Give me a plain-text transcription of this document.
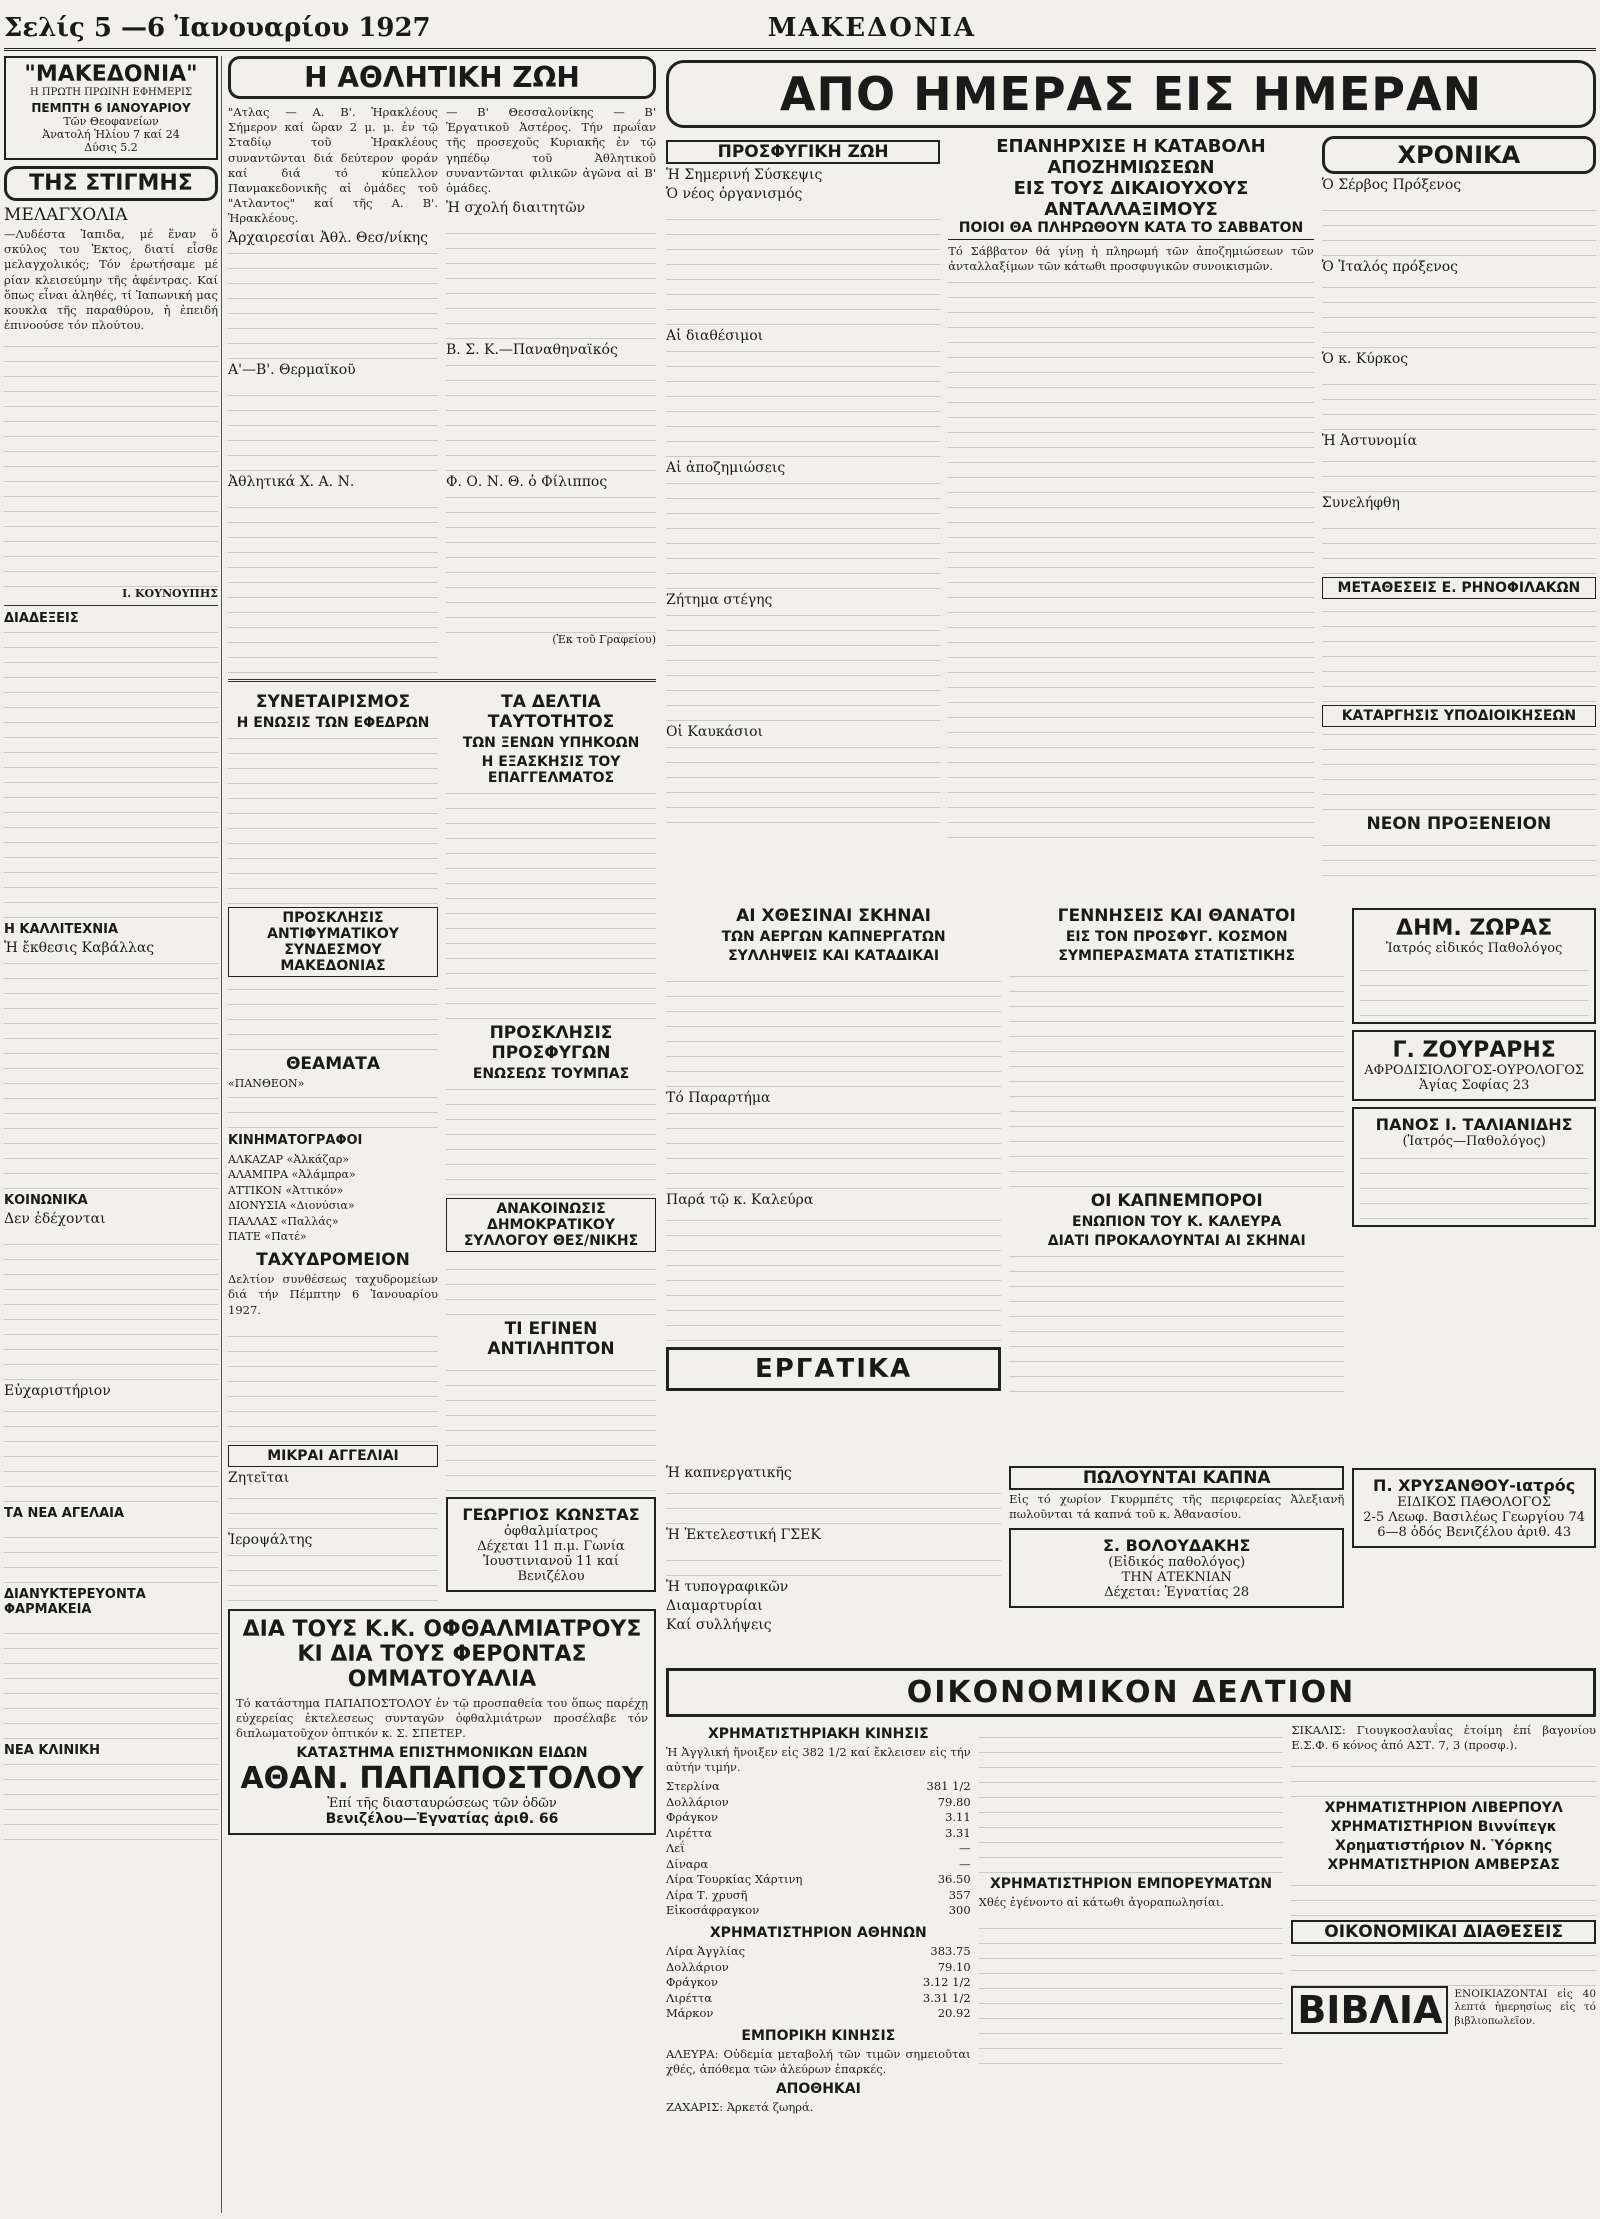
Σελίς 5 —6 Ἰανουαρίου 1927	ΜΑΚΕΔΟΝΙΑ
"ΜΑΚΕΔΟΝΙΑ"
Η ΠΡΩΤΗ ΠΡΩΙΝΗ ΕΦΗΜΕΡΙΣ
ΠΕΜΠΤΗ 6 ΙΑΝΟΥΑΡΙΟΥ
Τῶν Θεοφανείων
Ἀνατολή Ἡλίου 7 καί 24
Δύσις 5.2
ΤΗΣ ΣΤΙΓΜΗΣ
ΜΕΛΑΓΧΟΛΙΑ

—Λυδέστα Ἰαπιδα, μέ ἕναν ὅ σκύλος του Ἐκτος, διατί εἶσθε μελαγχολικός; Τόν ἐρωτήσαμε μέ ρίαν κλεισεύμην τῆς ἀφέντρας. Καί ὅπως εἶναι ἀληθές, τί Ἰαπωνική μας κουκλα τῆς παραθύρου, ἡ ἐπειδή ἐπινοούσε τόν πλούτου.

Ι. ΚΟΥΝΟΥΠΗΣ
ΔΙΑΔΕΞΕΙΣ
Η ΚΑΛΛΙΤΕΧΝΙΑ
Ἡ ἔκθεσις Καβάλλας
ΚΟΙΝΩΝΙΚΑ
Δεν ἐδέχονται
Εὐχαριστήριον
ΤΑ ΝΕΑ ΑΓΕΛΑΙΑ
ΔΙΑΝΥΚΤΕΡΕΥΟΝΤΑ ΦΑΡΜΑΚΕΙΑ
ΝΕΑ ΚΛΙΝΙΚΗ
Η ΑΘΛΗΤΙΚΗ ΖΩΗ

"Ατλας — Α. Β'. Ἡρακλέους Σήμερον καί ὥραν 2 μ. μ. ἐν τῷ Σταδίῳ τοῦ Ἡρακλέους συναντῶνται διά δεύτερον φοράν καί διά τό κύπελλον Πανμακεδονικῆς αἱ ὁμάδες τοῦ "Ατλαντος" καί τῆς Α. Β'. Ἡρακλέους.

Ἀρχαιρεσίαι Ἀθλ. Θεσ/νίκης
Α'—Β'. Θερμαϊκοῦ
Ἀθλητικά Χ. Α. Ν.

— Β' Θεσσαλονίκης — Β' Ἐργατικοῦ Ἀστέρος. Τήν πρωΐαν τῆς προσεχοῦς Κυριακῆς ἐν τῷ γηπέδῳ τοῦ Ἀθλητικοῦ συναντῶνται φιλικῶν ἀγῶνα αἱ Β' ὁμάδες.

Ἡ σχολή διαιτητῶν
Β. Σ. Κ.—Παναθηναϊκός
Φ. Ο. Ν. Θ. ὁ Φίλιππος
(Ἐκ τοῦ Γραφείου)
ΣΥΝΕΤΑΙΡΙΣΜΟΣ
Η ΕΝΩΣΙΣ ΤΩΝ ΕΦΕΔΡΩΝ
ΠΡΟΣΚΛΗΣΙΣ ΑΝΤΙΦΥΜΑΤΙΚΟΥ ΣΥΝΔΕΣΜΟΥ ΜΑΚΕΔΟΝΙΑΣ
ΘΕΑΜΑΤΑ
«ΠΑΝΘΕΟΝ»
ΚΙΝΗΜΑΤΟΓΡΑΦΟΙ
ΑΛΚΑΖΑΡ «Ἀλκάζαρ»
ΑΛΑΜΠΡΑ «Ἀλάμπρα»
ΑΤΤΙΚΟΝ «Ἀττικόν»
ΔΙΟΝΥΣΙΑ «Διονύσια»
ΠΑΛΛΑΣ «Παλλάς»
ΠΑΤΕ «Πατέ»
ΤΑΧΥΔΡΟΜΕΙΟΝ

Δελτίον συνθέσεως ταχυδρομείων διά τήν Πέμπτην 6 Ἰανουαρίου 1927.

ΜΙΚΡΑΙ ΑΓΓΕΛΙΑΙ
Ζητεῖται
Ἱεροψάλτης
ΤΑ ΔΕΛΤΙΑ ΤΑΥΤΟΤΗΤΟΣ
ΤΩΝ ΞΕΝΩΝ ΥΠΗΚΟΩΝ
Η ΕΞΑΣΚΗΣΙΣ ΤΟΥ ΕΠΑΓΓΕΛΜΑΤΟΣ
ΠΡΟΣΚΛΗΣΙΣ ΠΡΟΣΦΥΓΩΝ
ΕΝΩΣΕΩΣ ΤΟΥΜΠΑΣ
ΑΝΑΚΟΙΝΩΣΙΣ ΔΗΜΟΚΡΑΤΙΚΟΥ ΣΥΛΛΟΓΟΥ ΘΕΣ/ΝΙΚΗΣ
ΤΙ ΕΓΙΝΕΝ ΑΝΤΙΛΗΠΤΟΝ
ΓΕΩΡΓΙΟΣ ΚΩΝΣΤΑΣ
ὀφθαλμίατρος
Δέχεται 11 π.μ. Γωνία Ἰουστινιανοῦ 11 καί Βενιζέλου
ΔΙΑ ΤΟΥΣ Κ.Κ. ΟΦΘΑΛΜΙΑΤΡΟΥΣ
ΚΙ ΔΙΑ ΤΟΥΣ ΦΕΡΟΝΤΑΣ ΟΜΜΑΤΟΥΑΛΙΑ

Τό κατάστημα ΠΑΠΑΠΟΣΤΟΛΟΥ ἐν τῷ προσπαθεία του ὅπως παρέχῃ εὐχερείας ἐκτελεσεως συνταγῶν ὀφθαλμιάτρων προσέλαβε τόν διπλωματοῦχον ὀπτικόν κ. Σ. ΣΠΕΤΕΡ.

ΚΑΤΑΣΤΗΜΑ ΕΠΙΣΤΗΜΟΝΙΚΩΝ ΕΙΔΩΝ
ΑΘΑΝ. ΠΑΠΑΠΟΣΤΟΛΟΥ
Ἐπί τῆς διασταυρώσεως τῶν ὁδῶν
Βενιζέλου—Ἐγνατίας ἀριθ. 66
ΑΠΟ ΗΜΕΡΑΣ ΕΙΣ ΗΜΕΡΑΝ
ΠΡΟΣΦΥΓΙΚΗ ΖΩΗ
Ἡ Σημερινή Σύσκεψις
Ὁ νέος ὀργανισμός
Αἱ διαθέσιμοι
Αἱ ἀποζημιώσεις
Ζήτημα στέγης
Οἱ Καυκάσιοι
ΕΠΑΝΗΡΧΙΣΕ Η ΚΑΤΑΒΟΛΗ ΑΠΟΖΗΜΙΩΣΕΩΝ
ΕΙΣ ΤΟΥΣ ΔΙΚΑΙΟΥΧΟΥΣ ΑΝΤΑΛΛΑΞΙΜΟΥΣ
ΠΟΙΟΙ ΘΑ ΠΛΗΡΩΘΟΥΝ ΚΑΤΑ ΤΟ ΣΑΒΒΑΤΟΝ

Τό Σάββατον θά γίνῃ ἡ πληρωμή τῶν ἀποζημιώσεων τῶν ἀνταλλαξίμων τῶν κάτωθι προσφυγικῶν συνοικισμῶν.

ΧΡΟΝΙΚΑ
Ὁ Σέρβος Πρόξενος
Ὁ Ἰταλός πρόξενος
Ὁ κ. Κύρκος
Ἡ Ἀστυνομία
Συνελήφθη
ΜΕΤΑΘΕΣΕΙΣ Ε. ΡΗΝΟΦΙΛΑΚΩΝ
ΚΑΤΑΡΓΗΣΙΣ ΥΠΟΔΙΟΙΚΗΣΕΩΝ
ΝΕΟΝ ΠΡΟΞΕΝΕΙΟΝ
ΑΙ ΧΘΕΣΙΝΑΙ ΣΚΗΝΑΙ
ΤΩΝ ΑΕΡΓΩΝ ΚΑΠΝΕΡΓΑΤΩΝ
ΣΥΛΛΗΨΕΙΣ ΚΑΙ ΚΑΤΑΔΙΚΑΙ
Τό Παραρτήμα
Παρά τῷ κ. Καλεύρα
ΕΡΓΑΤΙΚΑ
ΓΕΝΝΗΣΕΙΣ ΚΑΙ ΘΑΝΑΤΟΙ
ΕΙΣ ΤΟΝ ΠΡΟΣΦΥΓ. ΚΟΣΜΟΝ
ΣΥΜΠΕΡΑΣΜΑΤΑ ΣΤΑΤΙΣΤΙΚΗΣ
ΟΙ ΚΑΠΝΕΜΠΟΡΟΙ
ΕΝΩΠΙΟΝ ΤΟΥ Κ. ΚΑΛΕΥΡΑ
ΔΙΑΤΙ ΠΡΟΚΑΛΟΥΝΤΑΙ ΑΙ ΣΚΗΝΑΙ
ΔΗΜ. ΖΩΡΑΣ
Ἰατρός εἰδικός Παθολόγος
Γ. ΖΟΥΡΑΡΗΣ
ΑΦΡΟΔΙΣΙΟΛΟΓΟΣ-ΟΥΡΟΛΟΓΟΣ
Ἁγίας Σοφίας 23
ΠΑΝΟΣ Ι. ΤΑΛΙΑΝΙΔΗΣ
(Ἰατρός—Παθολόγος)
Ἡ καπνεργατικῆς
Ἡ Ἐκτελεστική ΓΣΕΚ
Ἡ τυπογραφικῶν
Διαμαρτυρίαι
Καί συλλήψεις
ΠΩΛΟΥΝΤΑΙ ΚΑΠΝΑ

Εἰς τό χωρίον Γκυρμπέτς τῆς περιφερείας Ἀλεξιανῆ πωλοῦνται τά καπνά τοῦ κ. Ἀθανασίου.

Σ. ΒΟΛΟΥΔΑΚΗΣ
(Εἰδικός παθολόγος)
ΤΗΝ ΑΤΕΚΝΙΑΝ
Δέχεται: Ἐγνατίας 28
Π. ΧΡΥΣΑΝΘΟΥ-ιατρός
ΕΙΔΙΚΟΣ ΠΑΘΟΛΟΓΟΣ
2-5 Λεωφ. Βασιλέως Γεωργίου 74
6—8 ὁδός Βενιζέλου ἀριθ. 43
ΟΙΚΟΝΟΜΙΚΟΝ ΔΕΛΤΙΟΝ
ΧΡΗΜΑΤΙΣΤΗΡΙΑΚΗ ΚΙΝΗΣΙΣ

Ἡ Ἀγγλική ἤνοιξεν εἰς 382 1/2 καί ἔκλεισεν εἰς τήν αὐτήν τιμήν.

Στερλίνα	381 1/2
Δολλάριον	79.80
Φράγκον	3.11
Λιρέττα	3.31
Λεΐ	—
Δίναρα	—
Λίρα Τουρκίας Χάρτινη	36.50
Λίρα Τ. χρυσῆ	357
Εἰκοσάφραγκον	300
ΧΡΗΜΑΤΙΣΤΗΡΙΟΝ ΑΘΗΝΩΝ
Λίρα Ἀγγλίας	383.75
Δολλάριον	79.10
Φράγκον	3.12 1/2
Λιρέττα	3.31 1/2
Μάρκον	20.92
ΕΜΠΟΡΙΚΗ ΚΙΝΗΣΙΣ

ΑΛΕΥΡΑ: Οὐδεμία μεταβολή τῶν τιμῶν σημειοῦται χθές, ἀπόθεμα τῶν ἀλεύρων ἐπαρκές.

ΑΠΟΘΗΚΑΙ

ΖΑΧΑΡΙΣ: Ἀρκετά ζωηρά.

ΧΡΗΜΑΤΙΣΤΗΡΙΟΝ ΕΜΠΟΡΕΥΜΑΤΩΝ

Χθές ἐγένοντο αἱ κάτωθι ἀγοραπωλησίαι.

ΣΙΚΑΛΙΣ: Γιουγκοσλαυΐας ἑτοίμη ἐπί βαγονίου Ε.Σ.Φ. 6 κόνος ἀπό ΑΣΤ. 7, 3 (προσφ.).

ΧΡΗΜΑΤΙΣΤΗΡΙΟΝ ΛΙΒΕΡΠΟΥΛ
ΧΡΗΜΑΤΙΣΤΗΡΙΟΝ Βιννίπεγκ
Χρηματιστήριον Ν. Ὑόρκης
ΧΡΗΜΑΤΙΣΤΗΡΙΟΝ ΑΜΒΕΡΣΑΣ
ΟΙΚΟΝΟΜΙΚΑΙ ΔΙΑΘΕΣΕΙΣ
ΒΙΒΛΙΑ	ΕΝΟΙΚΙΑΖΟΝΤΑΙ εἰς 40 λεπτά ἡμερησίως εἰς τό βιβλιοπωλεῖον.
